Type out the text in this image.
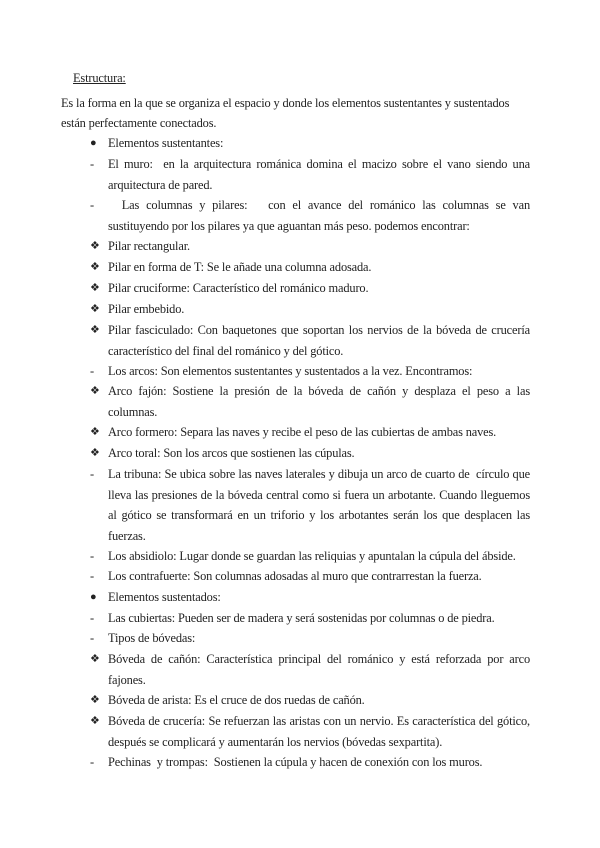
Estructura:
Es la forma en la que se organiza el espacio y donde los elementos sustentantes y sustentados están perfectamente conectados.
● Elementos sustentantes:
-	El muro:  en la arquitectura románica domina el macizo sobre el vano siendo una arquitectura de pared.
-	Las columnas y pilares:   con el avance del románico las columnas se van sustituyendo por los pilares ya que aguantan más peso. podemos encontrar:
❖ Pilar rectangular.
❖ Pilar en forma de T: Se le añade una columna adosada.
❖ Pilar cruciforme: Característico del románico maduro.
❖ Pilar embebido.
❖ Pilar fasciculado: Con baquetones que soportan los nervios de la bóveda de crucería característico del final del románico y del gótico.
-	Los arcos: Son elementos sustentantes y sustentados a la vez. Encontramos:
❖ Arco fajón: Sostiene la presión de la bóveda de cañón y desplaza el peso a las columnas.
❖ Arco formero: Separa las naves y recibe el peso de las cubiertas de ambas naves.
❖ Arco toral: Son los arcos que sostienen las cúpulas.
-	La tribuna: Se ubica sobre las naves laterales y dibuja un arco de cuarto de  círculo que lleva las presiones de la bóveda central como si fuera un arbotante. Cuando lleguemos al gótico se transformará en un triforio y los arbotantes serán los que desplacen las fuerzas.
-	Los absidiolo: Lugar donde se guardan las reliquias y apuntalan la cúpula del ábside.
-	Los contrafuerte: Son columnas adosadas al muro que contrarrestan la fuerza.
● Elementos sustentados:
-	Las cubiertas: Pueden ser de madera y será sostenidas por columnas o de piedra.
-	Tipos de bóvedas:
❖ Bóveda de cañón: Característica principal del románico y está reforzada por arco fajones.
❖ Bóveda de arista: Es el cruce de dos ruedas de cañón.
❖ Bóveda de crucería: Se refuerzan las aristas con un nervio. Es característica del gótico, después se complicará y aumentarán los nervios (bóvedas sexpartita).
-	Pechinas  y trompas:  Sostienen la cúpula y hacen de conexión con los muros.
